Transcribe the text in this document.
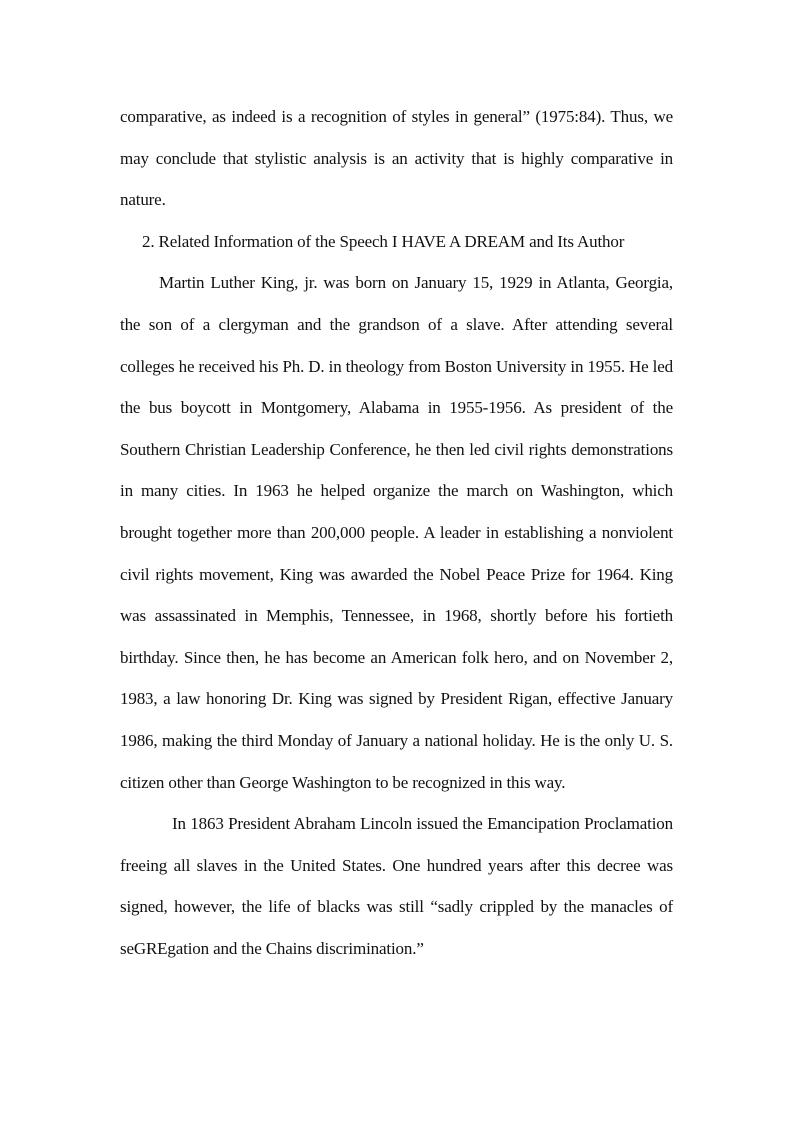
comparative, as indeed is a recognition of styles in general” (1975:84). Thus, we may conclude that stylistic analysis is an activity that is highly comparative in nature.

2. Related Information of the Speech I HAVE A DREAM and Its Author

Martin Luther King, jr. was born on January 15, 1929 in Atlanta, Georgia, the son of a clergyman and the grandson of a slave. After attending several colleges he received his Ph. D. in theology from Boston University in 1955. He led the bus boycott in Montgomery, Alabama in 1955-1956. As president of the Southern Christian Leadership Conference, he then led civil rights demonstrations in many cities. In 1963 he helped organize the march on Washington, which brought together more than 200,000 people. A leader in establishing a nonviolent civil rights movement, King was awarded the Nobel Peace Prize for 1964. King was assassinated in Memphis, Tennessee, in 1968, shortly before his fortieth birthday. Since then, he has become an American folk hero, and on November 2, 1983, a law honoring Dr. King was signed by President Rigan, effective January 1986, making the third Monday of January a national holiday. He is the only U. S. citizen other than George Washington to be recognized in this way.

In 1863 President Abraham Lincoln issued the Emancipation Proclamation freeing all slaves in the United States. One hundred years after this decree was signed, however, the life of blacks was still “sadly crippled by the manacles of seGREgation and the Chains discrimination.”
